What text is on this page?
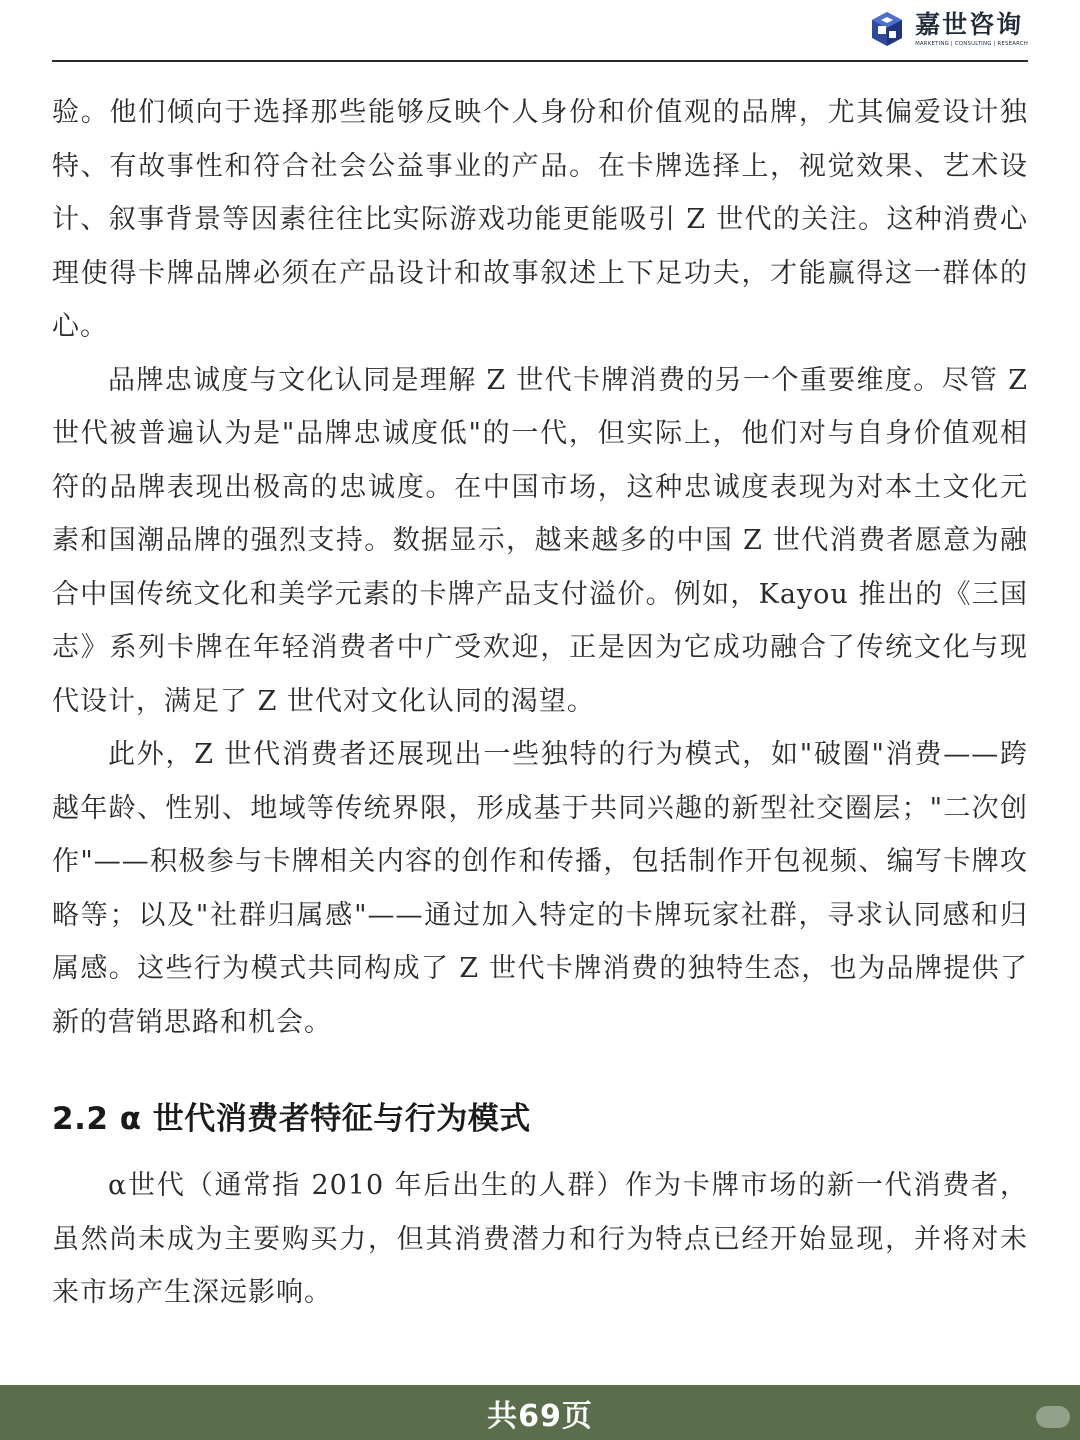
嘉世咨询
MARKETING | CONSULTING | RESEARCH

验。他们倾向于选择那些能够反映个人身份和价值观的品牌，尤其偏爱设计独特、有故事性和符合社会公益事业的产品。在卡牌选择上，视觉效果、艺术设计、叙事背景等因素往往比实际游戏功能更能吸引 Z 世代的关注。这种消费心理使得卡牌品牌必须在产品设计和故事叙述上下足功夫，才能赢得这一群体的心。

品牌忠诚度与文化认同是理解 Z 世代卡牌消费的另一个重要维度。尽管 Z 世代被普遍认为是"品牌忠诚度低"的一代，但实际上，他们对与自身价值观相符的品牌表现出极高的忠诚度。在中国市场，这种忠诚度表现为对本土文化元素和国潮品牌的强烈支持。数据显示，越来越多的中国 Z 世代消费者愿意为融合中国传统文化和美学元素的卡牌产品支付溢价。例如，Kayou 推出的《三国志》系列卡牌在年轻消费者中广受欢迎，正是因为它成功融合了传统文化与现代设计，满足了 Z 世代对文化认同的渴望。

此外，Z 世代消费者还展现出一些独特的行为模式，如"破圈"消费——跨越年龄、性别、地域等传统界限，形成基于共同兴趣的新型社交圈层；"二次创作"——积极参与卡牌相关内容的创作和传播，包括制作开包视频、编写卡牌攻略等；以及"社群归属感"——通过加入特定的卡牌玩家社群，寻求认同感和归属感。这些行为模式共同构成了 Z 世代卡牌消费的独特生态，也为品牌提供了新的营销思路和机会。

2.2 α 世代消费者特征与行为模式

α世代（通常指 2010 年后出生的人群）作为卡牌市场的新一代消费者，虽然尚未成为主要购买力，但其消费潜力和行为特点已经开始显现，并将对未来市场产生深远影响。

共69页
